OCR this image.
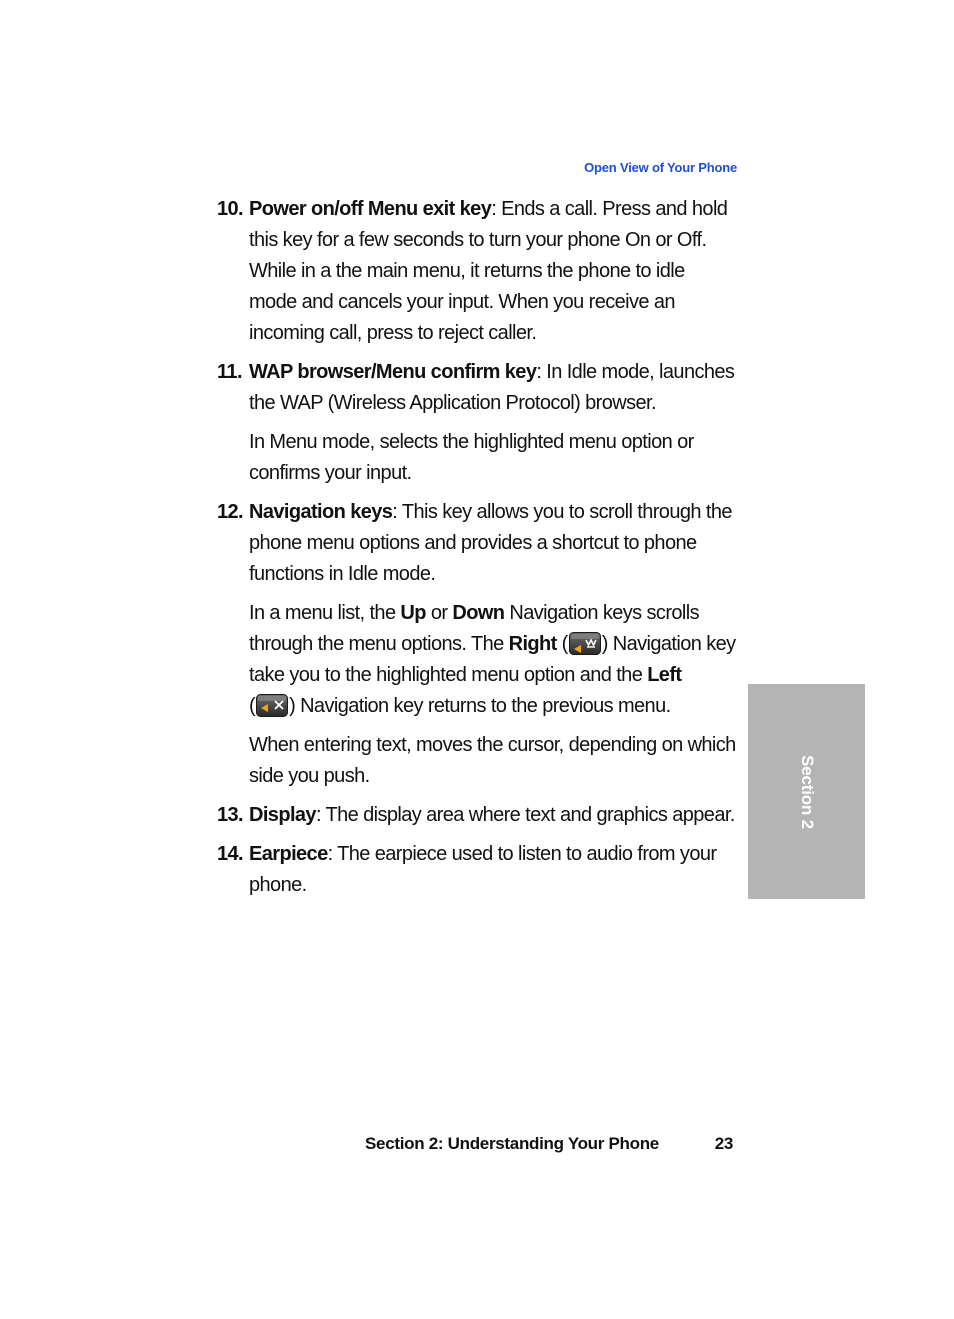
Open View of Your Phone
10. Power on/off Menu exit key: Ends a call. Press and hold this key for a few seconds to turn your phone On or Off. While in a the main menu, it returns the phone to idle mode and cancels your input. When you receive an incoming call, press to reject caller.

11. WAP browser/Menu confirm key: In Idle mode, launches the WAP (Wireless Application Protocol) browser.

In Menu mode, selects the highlighted menu option or confirms your input.

12. Navigation keys: This key allows you to scroll through the phone menu options and provides a shortcut to phone functions in Idle mode.

In a menu list, the Up or Down Navigation keys scrolls through the menu options. The Right ( ) Navigation key take you to the highlighted menu option and the Left
( ) Navigation key returns to the previous menu.

When entering text, moves the cursor, depending on which side you push.

13. Display: The display area where text and graphics appear.

14. Earpiece: The earpiece used to listen to audio from your phone.

Section 2
Section 2: Understanding Your Phone	23
